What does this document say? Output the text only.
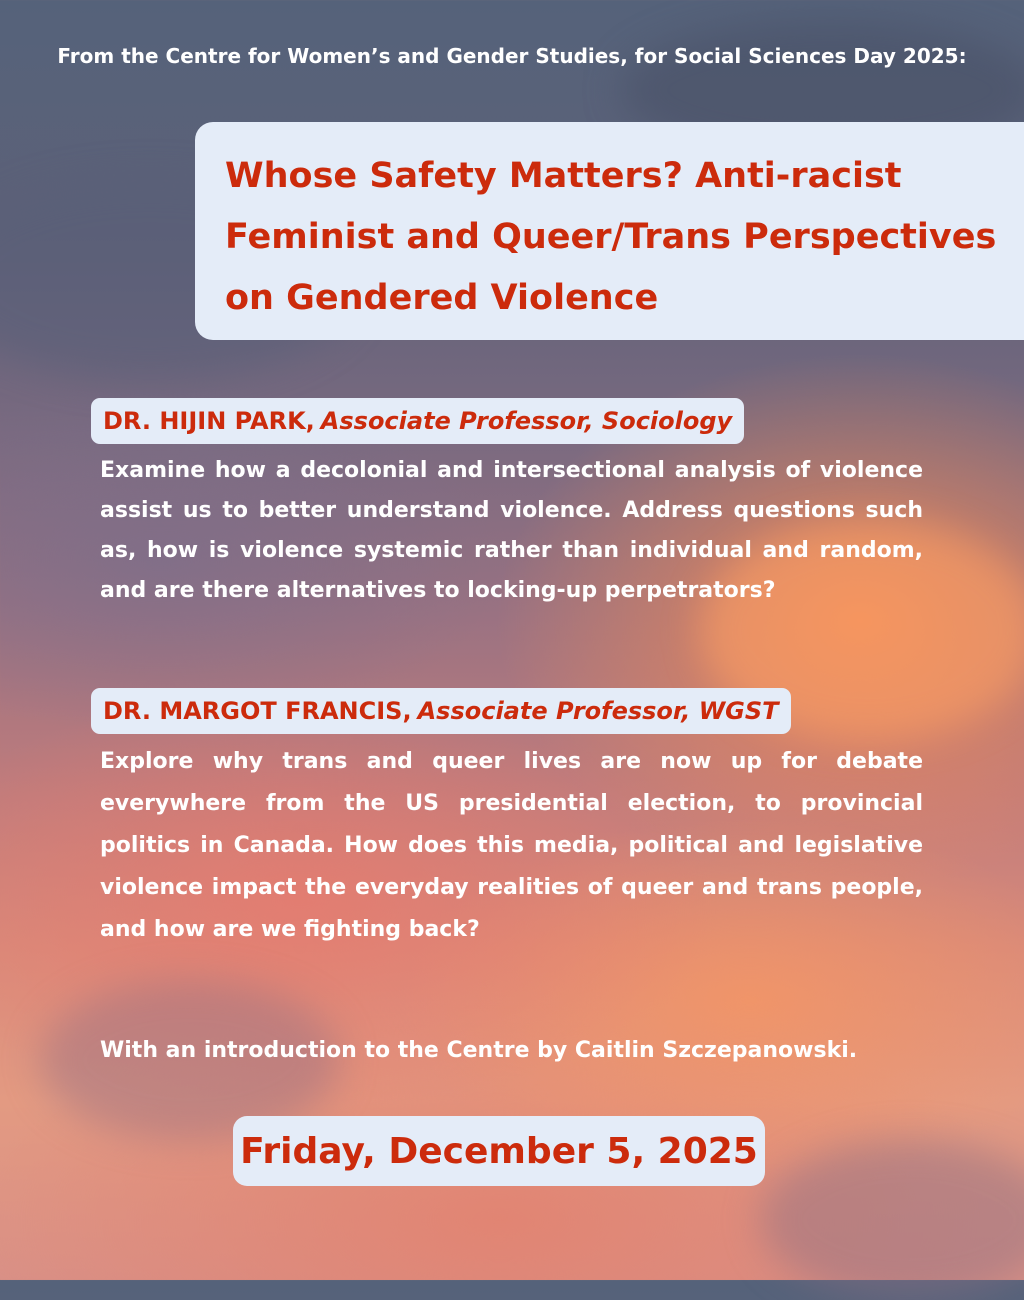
From the Centre for Women’s and Gender Studies, for Social Sciences Day 2025:
Whose Safety Matters? Anti-racist
Feminist and Queer/Trans Perspectives
on Gendered Violence
DR. HIJIN PARK, Associate Professor, Sociology
Examine how a decolonial and intersectional analysis of violence assist us to better understand violence. Address questions such as, how is violence systemic rather than individual and random, and are there alternatives to locking-up perpetrators?
DR. MARGOT FRANCIS, Associate Professor, WGST
Explore why trans and queer lives are now up for debate everywhere from the US presidential election, to provincial politics in Canada. How does this media, political and legislative violence impact the everyday realities of queer and trans people, and how are we fighting back?
With an introduction to the Centre by Caitlin Szczepanowski.
Friday, December 5, 2025
